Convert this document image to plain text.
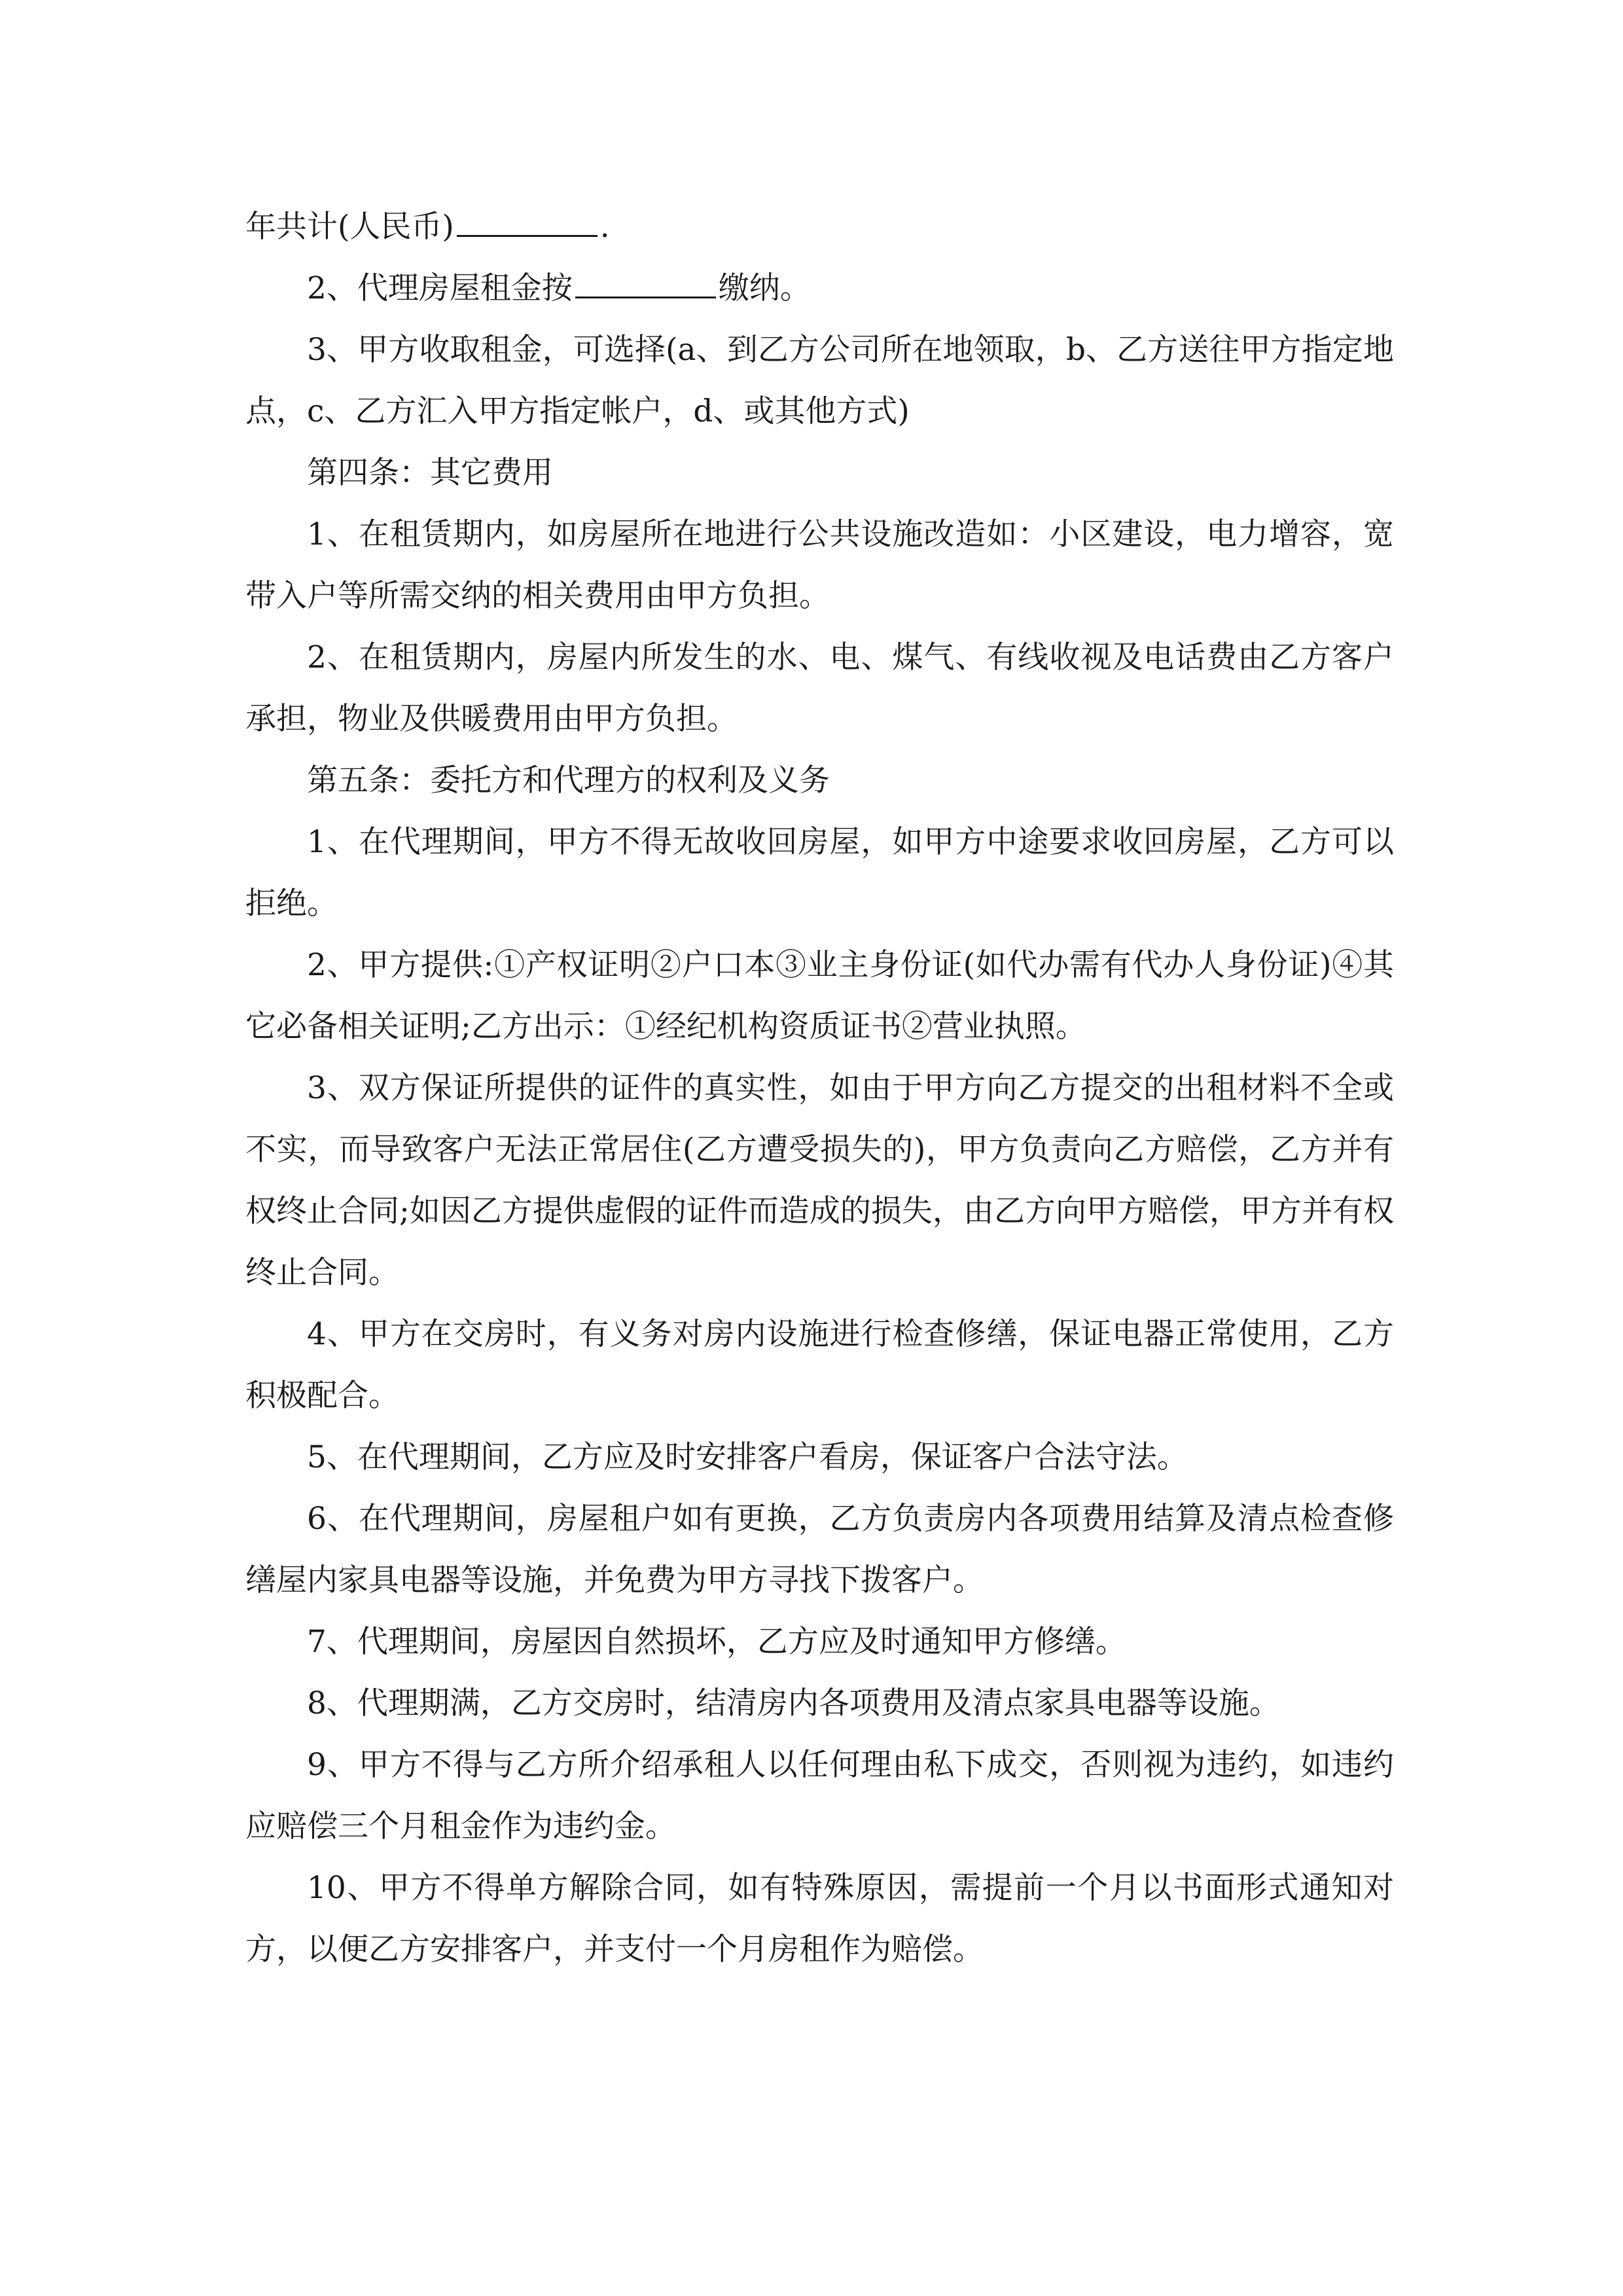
年共计(人民币)	.

2、代理房屋租金按	缴纳。

3、甲方收取租金，可选择(a、到乙方公司所在地领取，b、乙方送往甲方指定地点，c、乙方汇入甲方指定帐户，d、或其他方式)

第四条：其它费用

1、在租赁期内，如房屋所在地进行公共设施改造如：小区建设，电力增容，宽带入户等所需交纳的相关费用由甲方负担。

2、在租赁期内，房屋内所发生的水、电、煤气、有线收视及电话费由乙方客户承担，物业及供暖费用由甲方负担。

第五条：委托方和代理方的权利及义务

1、在代理期间，甲方不得无故收回房屋，如甲方中途要求收回房屋，乙方可以拒绝。

2、甲方提供:①产权证明②户口本③业主身份证(如代办需有代办人身份证)④其它必备相关证明;乙方出示：①经纪机构资质证书②营业执照。

3、双方保证所提供的证件的真实性，如由于甲方向乙方提交的出租材料不全或不实，而导致客户无法正常居住(乙方遭受损失的)，甲方负责向乙方赔偿，乙方并有权终止合同;如因乙方提供虚假的证件而造成的损失，由乙方向甲方赔偿，甲方并有权终止合同。

4、甲方在交房时，有义务对房内设施进行检查修缮，保证电器正常使用，乙方积极配合。

5、在代理期间，乙方应及时安排客户看房，保证客户合法守法。

6、在代理期间，房屋租户如有更换，乙方负责房内各项费用结算及清点检查修缮屋内家具电器等设施，并免费为甲方寻找下拨客户。

7、代理期间，房屋因自然损坏，乙方应及时通知甲方修缮。

8、代理期满，乙方交房时，结清房内各项费用及清点家具电器等设施。

9、甲方不得与乙方所介绍承租人以任何理由私下成交，否则视为违约，如违约应赔偿三个月租金作为违约金。

10、甲方不得单方解除合同，如有特殊原因，需提前一个月以书面形式通知对方，以便乙方安排客户，并支付一个月房租作为赔偿。
